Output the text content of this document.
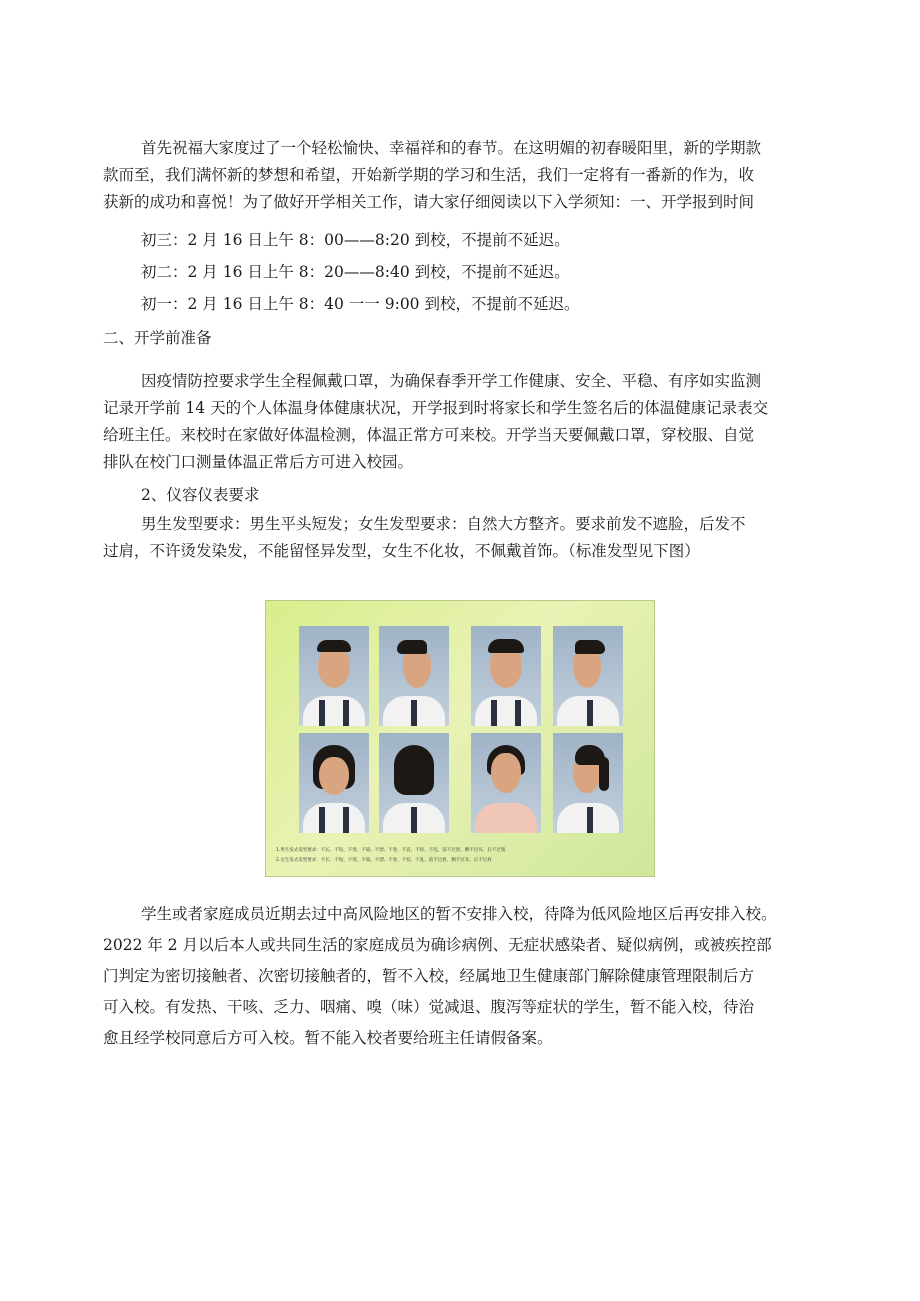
首先祝福大家度过了一个轻松愉快、幸福祥和的春节。在这明媚的初春暖阳里，新的学期款
款而至，我们满怀新的梦想和希望，开始新学期的学习和生活，我们一定将有一番新的作为，收
获新的成功和喜悦！为了做好开学相关工作，请大家仔细阅读以下入学须知：一、开学报到时间
初三：2 月 16 日上午 8：00——8:20 到校，不提前不延迟。
初二：2 月 16 日上午 8：20——8:40 到校，不提前不延迟。
初一：2 月 16 日上午 8：40 一一 9:00 到校，不提前不延迟。
二、开学前准备
因疫情防控要求学生全程佩戴口罩，为确保春季开学工作健康、安全、平稳、有序如实监测
记录开学前 14 天的个人体温身体健康状况，开学报到时将家长和学生签名后的体温健康记录表交
给班主任。来校时在家做好体温检测，体温正常方可来校。开学当天要佩戴口罩，穿校服、自觉
排队在校门口测量体温正常后方可进入校园。
2、仪容仪表要求
男生发型要求：男生平头短发；女生发型要求：自然大方整齐。要求前发不遮脸，后发不
过肩，不许烫发染发，不能留怪异发型，女生不化妆，不佩戴首饰。（标准发型见下图）
1.男生发式发型要求：不长、不短、不烫、不染、不漂、不卷，不直、不怪、不乱、前不过眉、侧不过耳、后不过领
2.女生发式发型要求：不长、不短、不烫、不染、不漂、不卷，不怪、不乱、前不过眉、侧不过耳、后不过肩
学生或者家庭成员近期去过中高风险地区的暂不安排入校，待降为低风险地区后再安排入校。
2022 年 2 月以后本人或共同生活的家庭成员为确诊病例、无症状感染者、疑似病例，或被疾控部
门判定为密切接触者、次密切接触者的，暂不入校，经属地卫生健康部门解除健康管理限制后方
可入校。有发热、干咳、乏力、咽痛、嗅（味）觉减退、腹泻等症状的学生，暂不能入校，待治
愈且经学校同意后方可入校。暂不能入校者要给班主任请假备案。
